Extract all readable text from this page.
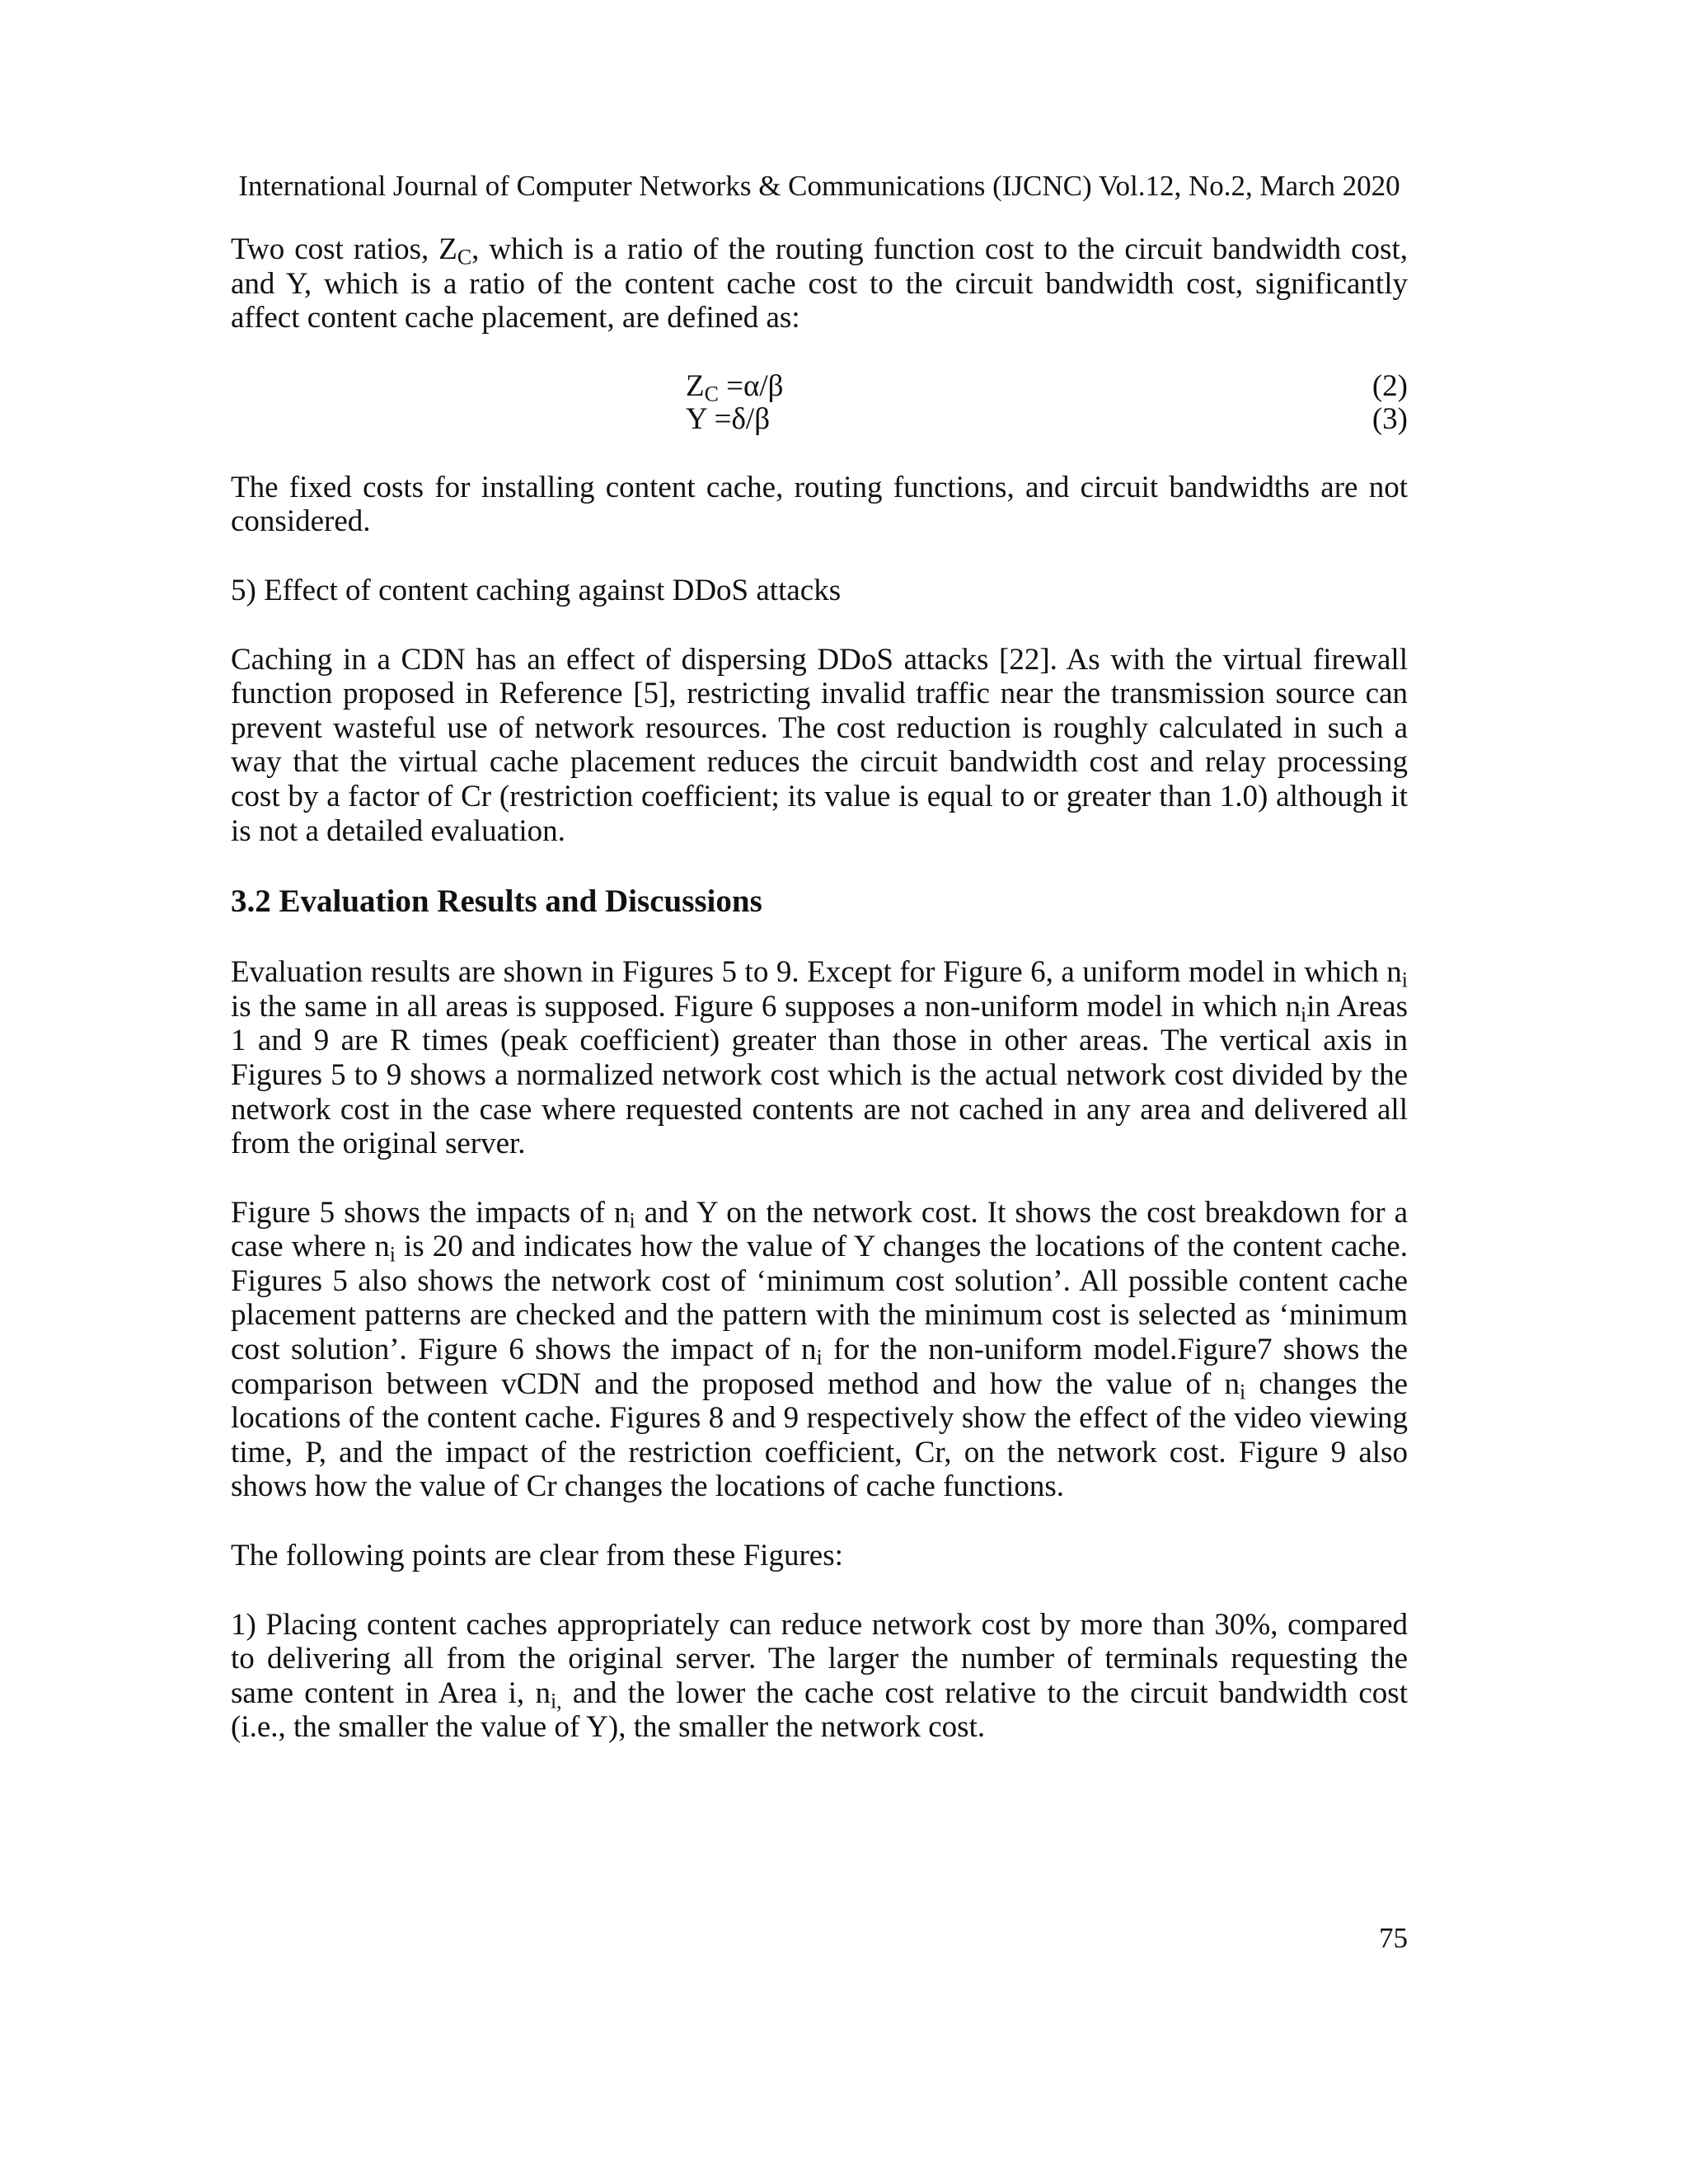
International Journal of Computer Networks & Communications (IJCNC) Vol.12, No.2, March 2020

Two cost ratios, $Z_C$, which is a ratio of the routing function cost to the circuit bandwidth cost, and Y, which is a ratio of the content cache cost to the circuit bandwidth cost, significantly affect content cache placement, are defined as:

$Z_C =\alpha/\beta$	(2)
Y =δ/β	(3)

The fixed costs for installing content cache, routing functions, and circuit bandwidths are not considered.

5) Effect of content caching against DDoS attacks

Caching in a CDN has an effect of dispersing DDoS attacks [22]. As with the virtual firewall function proposed in Reference [5], restricting invalid traffic near the transmission source can prevent wasteful use of network resources. The cost reduction is roughly calculated in such a way that the virtual cache placement reduces the circuit bandwidth cost and relay processing cost by a factor of Cr (restriction coefficient; its value is equal to or greater than 1.0) although it is not a detailed evaluation.

3.2 Evaluation Results and Discussions

Evaluation results are shown in Figures 5 to 9. Except for Figure 6, a uniform model in which $n_i$ is the same in all areas is supposed. Figure 6 supposes a non-uniform model in which $n_iin$ Areas 1 and 9 are R times (peak coefficient) greater than those in other areas. The vertical axis in Figures 5 to 9 shows a normalized network cost which is the actual network cost divided by the network cost in the case where requested contents are not cached in any area and delivered all from the original server.

Figure 5 shows the impacts of $n_i$ and Y on the network cost. It shows the cost breakdown for a case where $n_i$ is 20 and indicates how the value of Y changes the locations of the content cache. Figures 5 also shows the network cost of ‘minimum cost solution’. All possible content cache placement patterns are checked and the pattern with the minimum cost is selected as ‘minimum cost solution’. Figure 6 shows the impact of $n_i$ for the non-uniform model.Figure7 shows the comparison between vCDN and the proposed method and how the value of $n_i$ changes the locations of the content cache. Figures 8 and 9 respectively show the effect of the video viewing time, P, and the impact of the restriction coefficient, Cr, on the network cost. Figure 9 also shows how the value of Cr changes the locations of cache functions.

The following points are clear from these Figures:

1) Placing content caches appropriately can reduce network cost by more than 30%, compared to delivering all from the original server. The larger the number of terminals requesting the same content in Area i, $n_{i,}$ and the lower the cache cost relative to the circuit bandwidth cost (i.e., the smaller the value of Y), the smaller the network cost.

75
